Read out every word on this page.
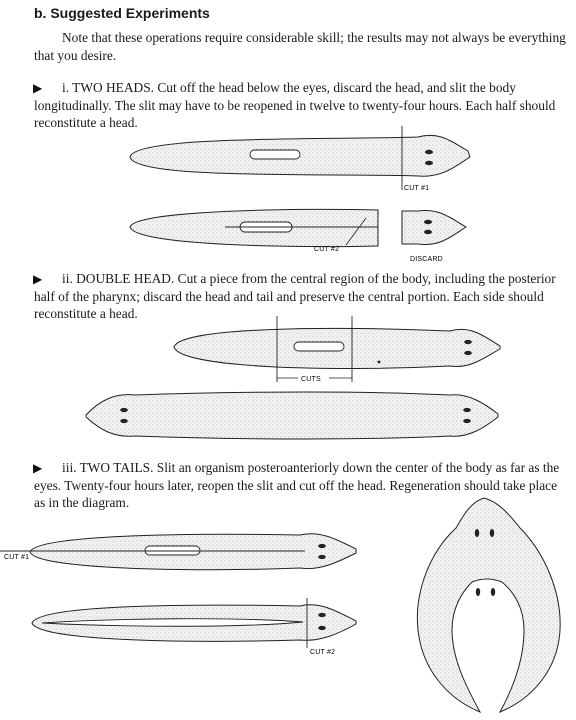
b. Suggested Experiments
Note that these operations require considerable skill; the results may not always be everything that you desire.
▶	i. TWO HEADS. Cut off the head below the eyes, discard the head, and slit the body longitudinally. The slit may have to be reopened in twelve to twenty-four hours. Each half should reconstitute a head.
▶	ii. DOUBLE HEAD. Cut a piece from the central region of the body, including the posterior half of the pharynx; discard the head and tail and preserve the central portion. Each side should reconstitute a head.
▶	iii. TWO TAILS. Slit an organism posteroanteriorly down the center of the body as far as the eyes. Twenty-four hours later, reopen the slit and cut off the head. Regeneration should take place as in the diagram.
CUT #1
CUT #2
DISCARD
CUTS
CUT #1
CUT #2
